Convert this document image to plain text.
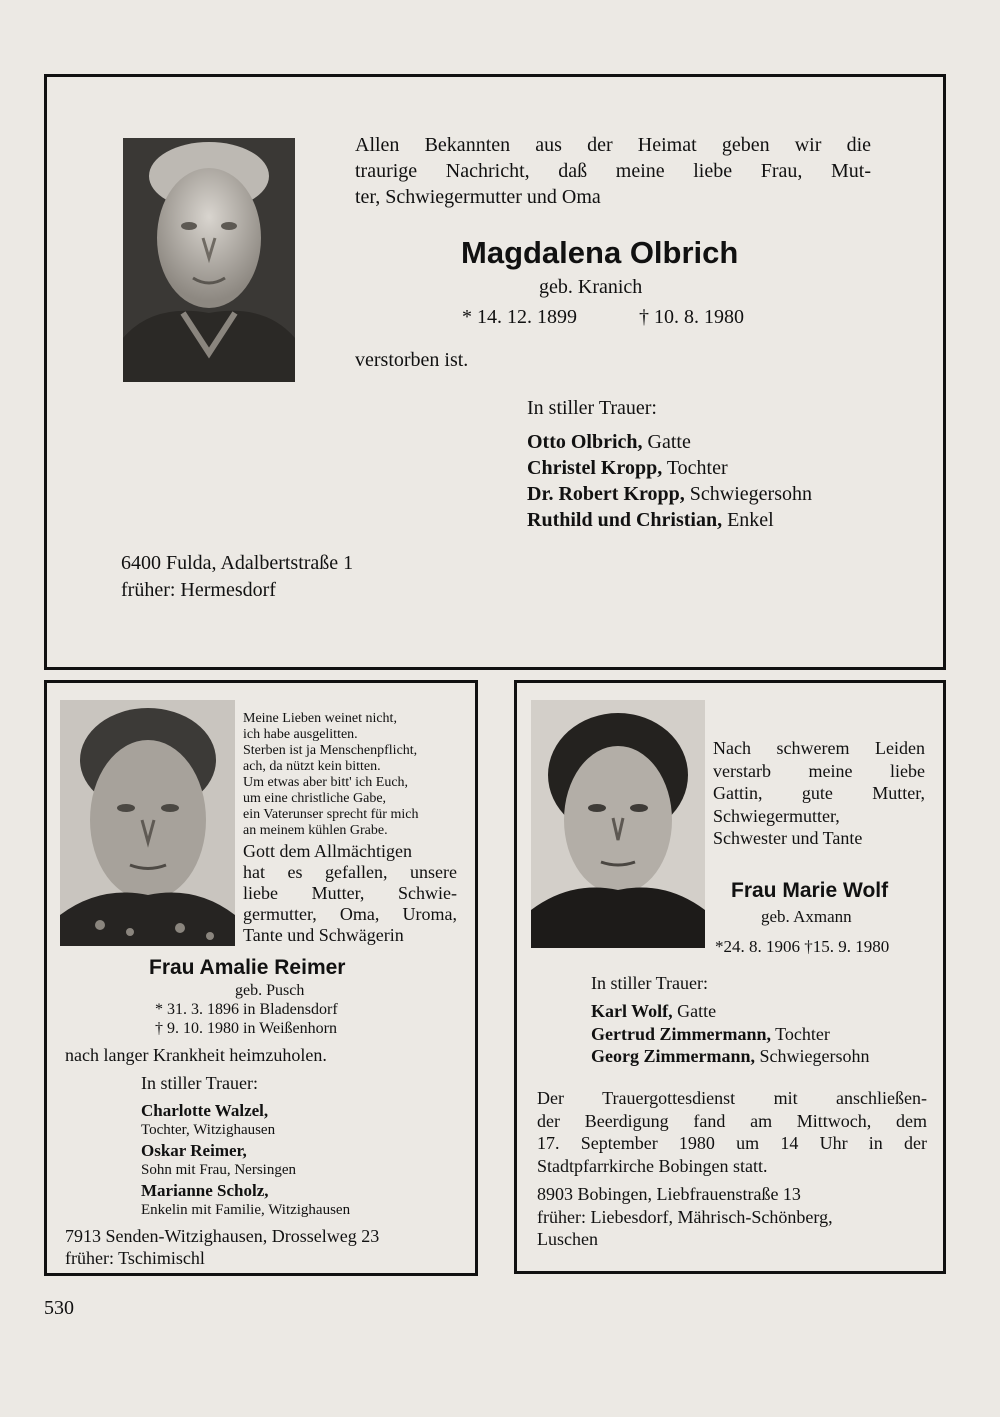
Allen Bekannten aus der Heimat geben wir die
traurige Nachricht, daß meine liebe Frau, Mut-
ter, Schwiegermutter und Oma
Magdalena Olbrich
geb. Kranich
* 14. 12. 1899	† 10. 8. 1980
verstorben ist.
In stiller Trauer:
Otto Olbrich, Gatte
Christel Kropp, Tochter
Dr. Robert Kropp, Schwiegersohn
Ruthild und Christian, Enkel
6400 Fulda, Adalbertstraße 1
früher: Hermesdorf
Meine Lieben weinet nicht,
ich habe ausgelitten.
Sterben ist ja Menschenpflicht,
ach, da nützt kein bitten.
Um etwas aber bitt' ich Euch,
um eine christliche Gabe,
ein Vaterunser sprecht für mich
an meinem kühlen Grabe.
Gott dem Allmächtigen
hat es gefallen, unsere
liebe Mutter, Schwie-
germutter, Oma, Uroma,
Tante und Schwägerin
Frau Amalie Reimer
geb. Pusch
* 31. 3. 1896 in Bladensdorf
† 9. 10. 1980 in Weißenhorn
nach langer Krankheit heimzuholen.
In stiller Trauer:
Charlotte Walzel,
Tochter, Witzighausen
Oskar Reimer,
Sohn mit Frau, Nersingen
Marianne Scholz,
Enkelin mit Familie, Witzighausen
7913 Senden-Witzighausen, Drosselweg 23
früher: Tschimischl
Nach schwerem Leiden
verstarb meine liebe
Gattin, gute Mutter,
Schwiegermutter,
Schwester und Tante
Frau Marie Wolf
geb. Axmann
*24. 8. 1906 †15. 9. 1980
In stiller Trauer:
Karl Wolf, Gatte
Gertrud Zimmermann, Tochter
Georg Zimmermann, Schwiegersohn
Der Trauergottesdienst mit anschließen-
der Beerdigung fand am Mittwoch, dem
17. September 1980 um 14 Uhr in der
Stadtpfarrkirche Bobingen statt.
8903 Bobingen, Liebfrauenstraße 13
früher: Liebesdorf, Mährisch-Schönberg,
Luschen
530
